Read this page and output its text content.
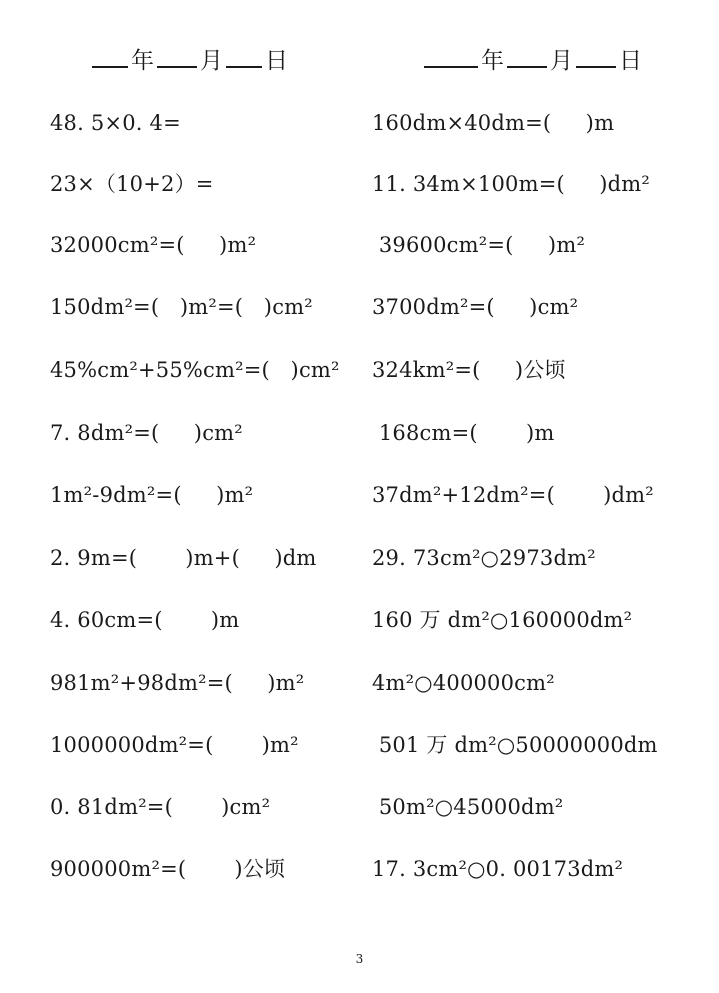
年 月 日	年 月 日
48. 5×0. 4=
23×（10+2）=
32000cm²=(     )m²
150dm²=(   )m²=(   )cm²
45%cm²+55%cm²=(   )cm²
7. 8dm²=(     )cm²
1m²-9dm²=(     )m²
2. 9m=(       )m+(     )dm
4. 60cm=(       )m
981m²+98dm²=(     )m²
1000000dm²=(       )m²
0. 81dm²=(       )cm²
900000m²=(       )公顷
160dm×40dm=(     )m
11. 34m×100m=(     )dm²
39600cm²=(     )m²
3700dm²=(     )cm²
324km²=(     )公顷
168cm=(       )m
37dm²+12dm²=(       )dm²
29. 73cm²○2973dm²
160 万 dm²○160000dm²
4m²○400000cm²
501 万 dm²○50000000dm
50m²○45000dm²
17. 3cm²○0. 00173dm²
3
